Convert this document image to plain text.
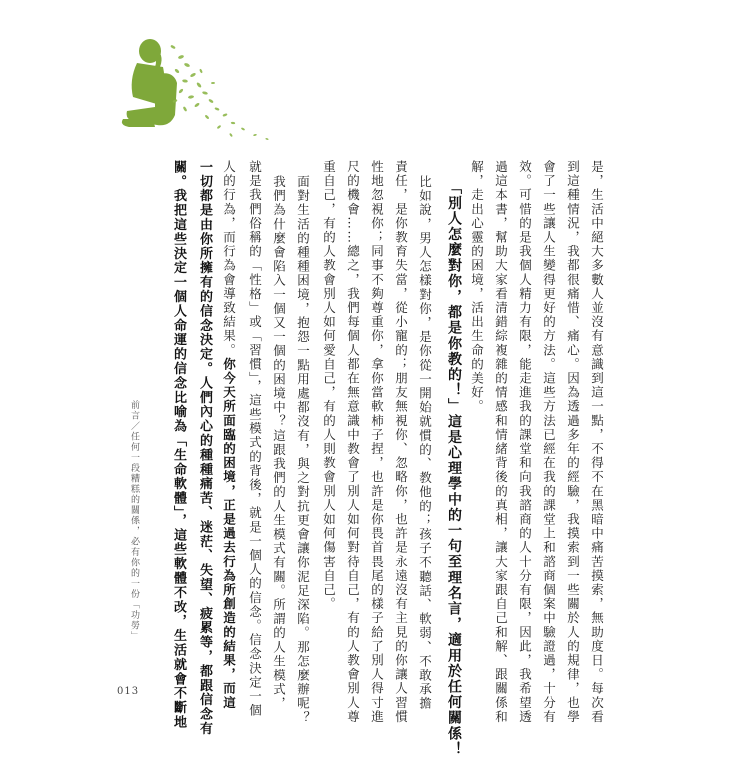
是，生活中絕大多數人並沒有意識到這一點，不得不在黑暗中痛苦摸索，無助度日。每次看
到這種情況，我都很痛惜、痛心。因為透過多年的經驗，我摸索到一些關於人的規律，也學
會了一些讓人生變得更好的方法。這些方法已經在我的課堂上和諮商個案中驗證過，十分有
效。可惜的是我個人精力有限，能走進我的課堂和向我諮商的人十分有限，因此，我希望透
過這本書，幫助大家看清錯綜複雜的情感和情緒背後的真相，讓大家跟自己和解、跟關係和
解，走出心靈的困境，活出生命的美好。
「別人怎麼對你，都是你教的！」這是心理學中的一句至理名言，適用於任何關係！
比如說，男人怎樣對你，是你從一開始就慣的、教他的；孩子不聽話、軟弱、不敢承擔
責任，是你教育失當，從小寵的；朋友無視你、忽略你，也許是永遠沒有主見的你讓人習慣
性地忽視你；同事不夠尊重你，拿你當軟柿子捏，也許是你畏首畏尾的樣子給了別人得寸進
尺的機會……總之，我們每個人都在無意識中教會了別人如何對待自己，有的人教會別人尊
重自己，有的人教會別人如何愛自己，有的人則教會別人如何傷害自己。
面對生活的種種困境，抱怨一點用處都沒有，與之對抗更會讓你泥足深陷。那怎麼辦呢？
我們為什麼會陷入一個又一個的困境中？這跟我們的人生模式有關。所謂的人生模式，
就是我們俗稱的「性格」或「習慣」，這些模式的背後，就是一個人的信念。信念決定一個
人的行為，而行為會導致結果。你今天所面臨的困境，正是過去行為所創造的結果，而這
一切都是由你所擁有的信念決定。人們內心的種種痛苦、迷茫、失望、疲累等，都跟信念有
關。我把這些決定一個人命運的信念比喻為「生命軟體」，這些軟體不改，生活就會不斷地
前言／任何一段糟糕的關係，必有你的一份「功勞」
013
